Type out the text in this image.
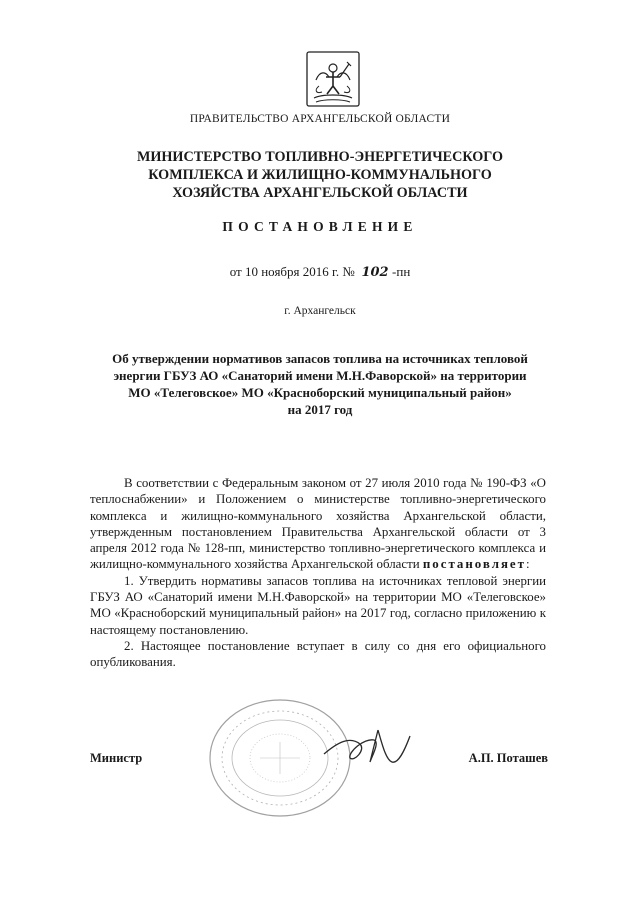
ПРАВИТЕЛЬСТВО АРХАНГЕЛЬСКОЙ ОБЛАСТИ
МИНИСТЕРСТВО ТОПЛИВНО-ЭНЕРГЕТИЧЕСКОГО
КОМПЛЕКСА И ЖИЛИЩНО-КОММУНАЛЬНОГО
ХОЗЯЙСТВА АРХАНГЕЛЬСКОЙ ОБЛАСТИ
ПОСТАНОВЛЕНИЕ
от 10 ноября 2016 г. № 102 -пн
г. Архангельск
Об утверждении нормативов запасов топлива на источниках тепловой
энергии ГБУЗ АО «Санаторий имени М.Н.Фаворской» на территории
МО «Телеговское» МО «Красноборский муниципальный район»
на 2017 год

В соответствии с Федеральным законом от 27 июля 2010 года № 190-ФЗ «О теплоснабжении» и Положением о министерстве топливно-энергетического комплекса и жилищно-коммунального хозяйства Архангельской области, утвержденным постановлением Правительства Архангельской области от 3 апреля 2012 года № 128-пп, министерство топливно-энергетического комплекса и жилищно-коммунального хозяйства Архангельской области постановляет:

1. Утвердить нормативы запасов топлива на источниках тепловой энергии ГБУЗ АО «Санаторий имени М.Н.Фаворской» на территории МО «Телеговское» МО «Красноборский муниципальный район» на 2017 год, согласно приложению к настоящему постановлению.

2. Настоящее постановление вступает в силу со дня его официального опубликования.

Министр	А.П. Поташев
